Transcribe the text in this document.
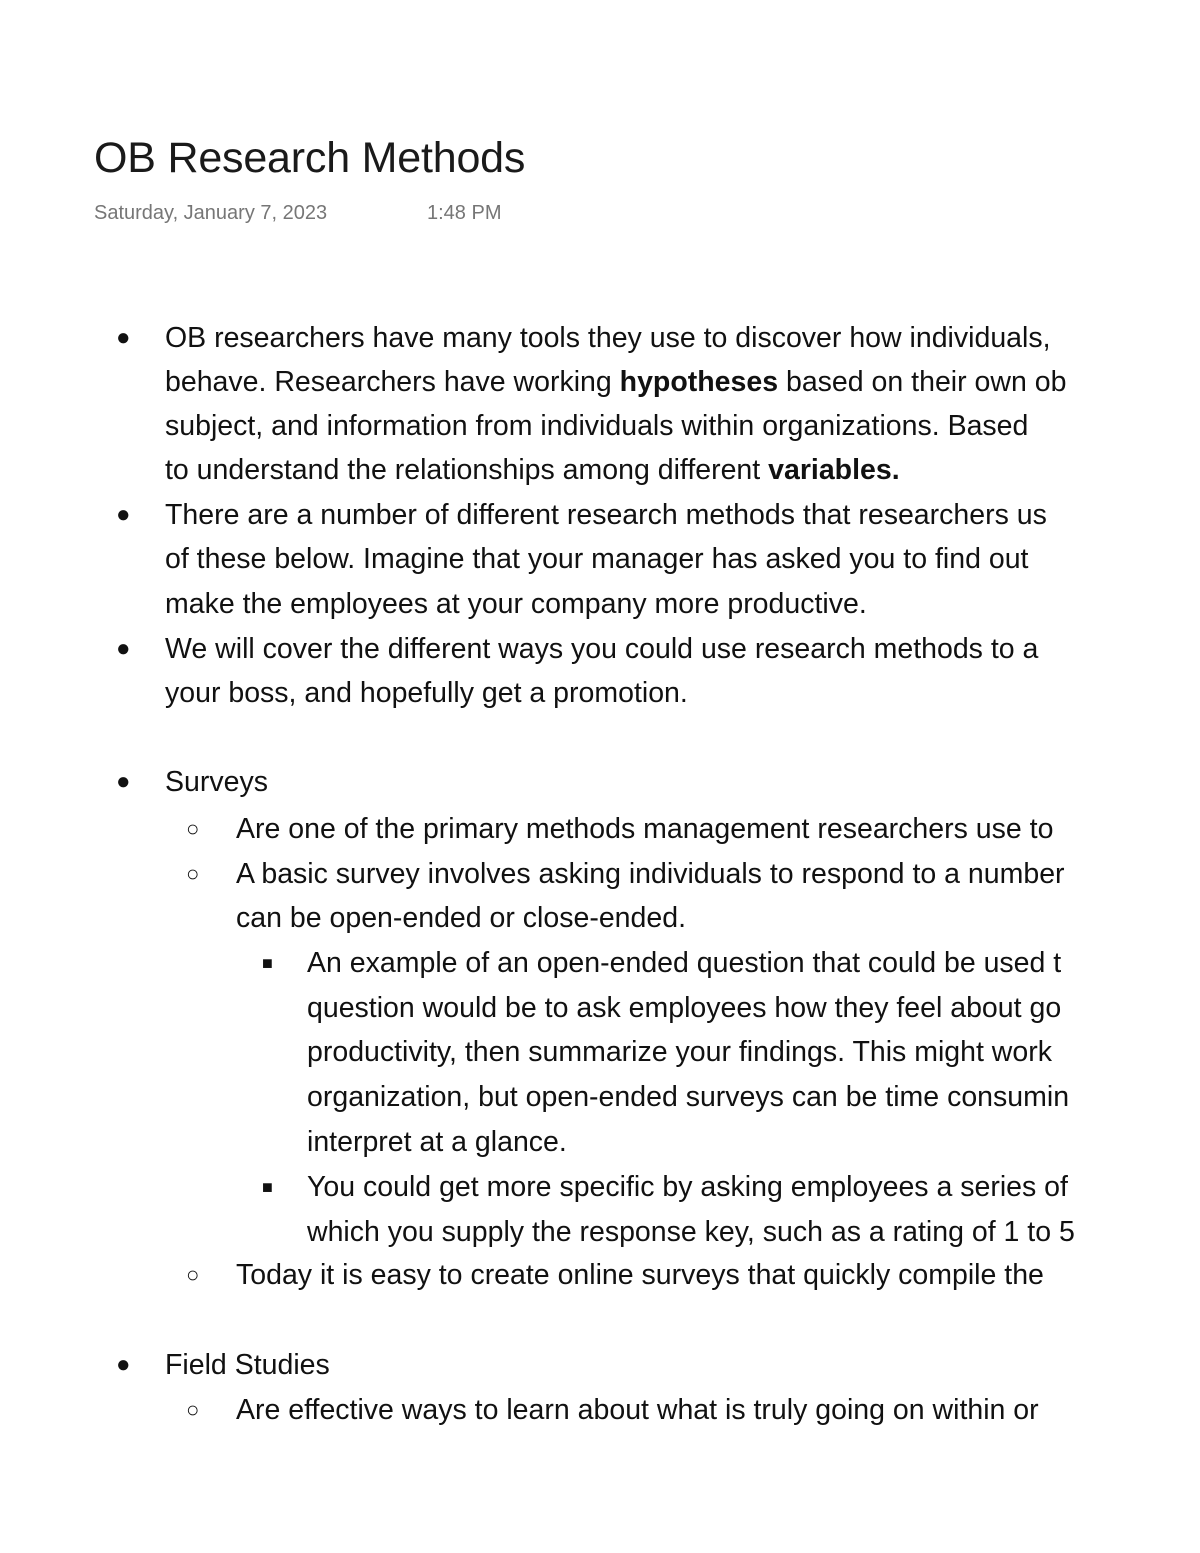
OB Research Methods
Saturday, January 7, 2023	1:48 PM
● OB researchers have many tools they use to discover how individuals,
behave. Researchers have working hypotheses based on their own ob
subject, and information from individuals within organizations. Based
to understand the relationships among different variables.
● There are a number of different research methods that researchers us
of these below. Imagine that your manager has asked you to find out
make the employees at your company more productive.
● We will cover the different ways you could use research methods to a
your boss, and hopefully get a promotion.
● Surveys
○ Are one of the primary methods management researchers use to
○ A basic survey involves asking individuals to respond to a number
can be open-ended or close-ended.
■ An example of an open-ended question that could be used t
question would be to ask employees how they feel about go
productivity, then summarize your findings. This might work
organization, but open-ended surveys can be time consumin
interpret at a glance.
■ You could get more specific by asking employees a series of
which you supply the response key, such as a rating of 1 to 5
○ Today it is easy to create online surveys that quickly compile the
● Field Studies
○ Are effective ways to learn about what is truly going on within or
